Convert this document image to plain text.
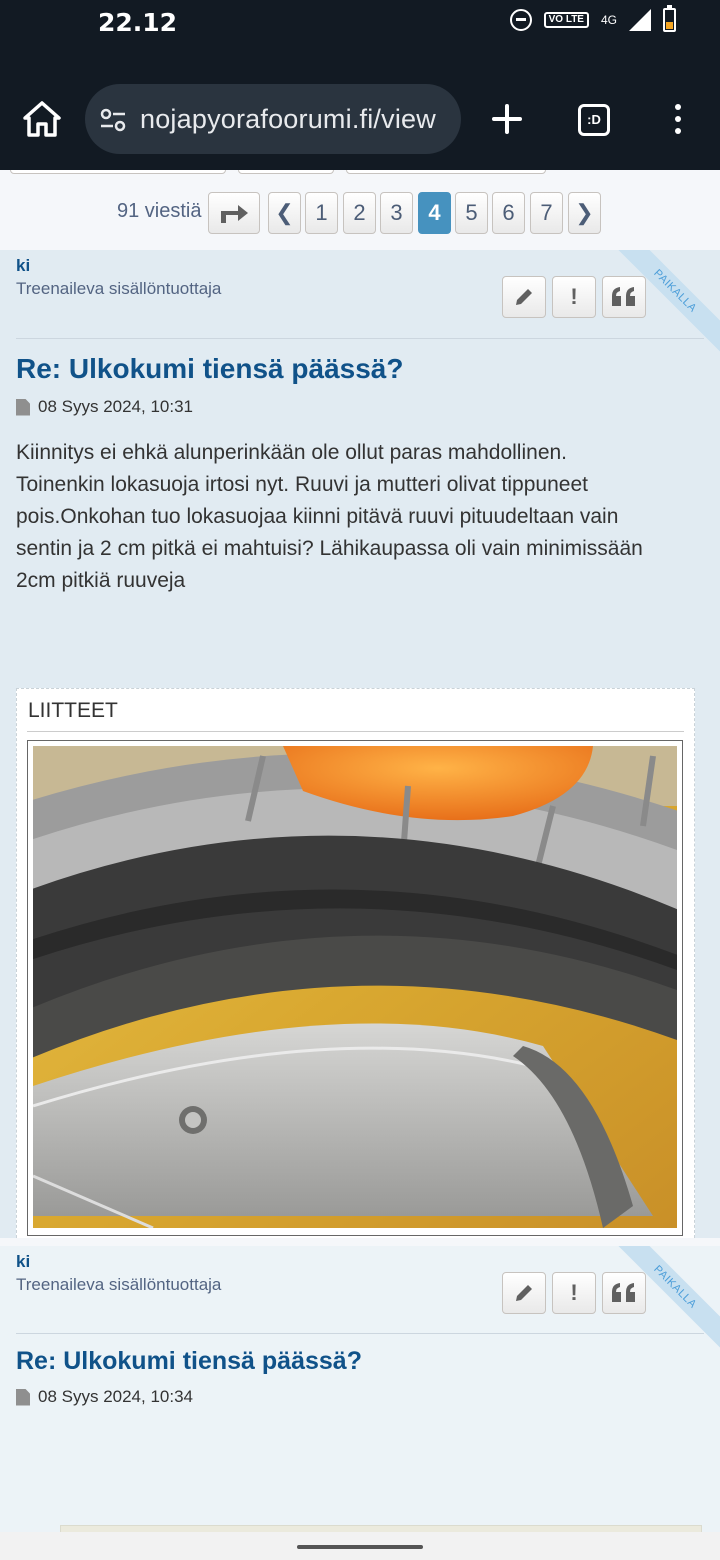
22.12	VO LTE	4G
nojapyorafoorumi.fi/view	:D
91 viestiä	❮ 1	2	3	4	5	6	7	❯
PAIKALLA
ki
Treenaileva sisällöntuottaja	!
Re: Ulkokumi tiensä päässä?
08 Syys 2024, 10:31
Kiinnitys ei ehkä alunperinkään ole ollut paras mahdollinen.
Toinenkin lokasuoja irtosi nyt. Ruuvi ja mutteri olivat tippuneet
pois.Onkohan tuo lokasuojaa kiinni pitävä ruuvi pituudeltaan vain
sentin ja 2 cm pitkä ei mahtuisi? Lähikaupassa oli vain minimissään
2cm pitkiä ruuveja
LIITTEET
PAIKALLA
ki
Treenaileva sisällöntuottaja	!
Re: Ulkokumi tiensä päässä?
08 Syys 2024, 10:34
